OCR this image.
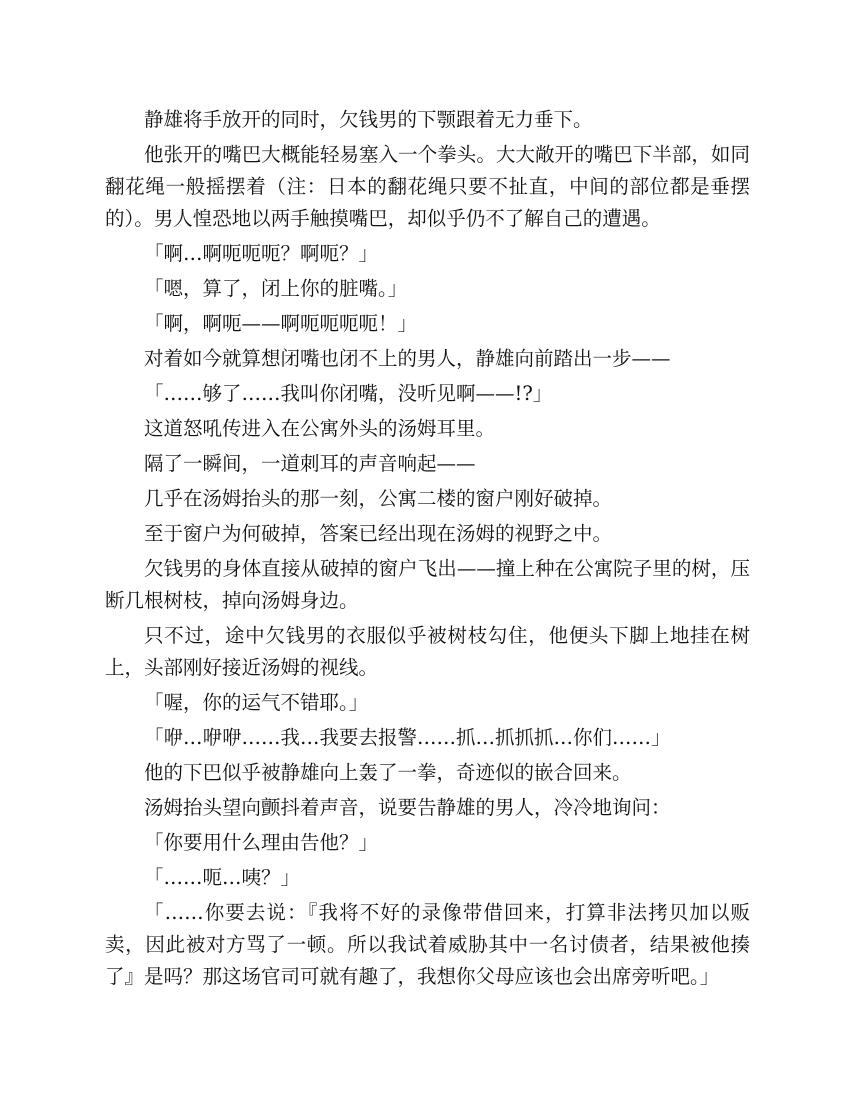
静雄将手放开的同时，欠钱男的下颚跟着无力垂下。

他张开的嘴巴大概能轻易塞入一个拳头。大大敞开的嘴巴下半部，如同翻花绳一般摇摆着（注：日本的翻花绳只要不扯直，中间的部位都是垂摆的）。男人惶恐地以两手触摸嘴巴，却似乎仍不了解自己的遭遇。

「啊…啊呃呃呃？啊呃？」

「嗯，算了，闭上你的脏嘴。」

「啊，啊呃——啊呃呃呃呃！」

对着如今就算想闭嘴也闭不上的男人，静雄向前踏出一步——

「……够了……我叫你闭嘴，没听见啊——!?」

这道怒吼传进入在公寓外头的汤姆耳里。

隔了一瞬间，一道刺耳的声音响起——

几乎在汤姆抬头的那一刻，公寓二楼的窗户刚好破掉。

至于窗户为何破掉，答案已经出现在汤姆的视野之中。

欠钱男的身体直接从破掉的窗户飞出——撞上种在公寓院子里的树，压断几根树枝，掉向汤姆身边。

只不过，途中欠钱男的衣服似乎被树枝勾住，他便头下脚上地挂在树上，头部刚好接近汤姆的视线。

「喔，你的运气不错耶。」

「咿…咿咿……我…我要去报警……抓…抓抓抓…你们……」

他的下巴似乎被静雄向上轰了一拳，奇迹似的嵌合回来。

汤姆抬头望向颤抖着声音，说要告静雄的男人，冷冷地询问：

「你要用什么理由告他？」

「……呃…咦？」

「……你要去说：『我将不好的录像带借回来，打算非法拷贝加以贩卖，因此被对方骂了一顿。所以我试着威胁其中一名讨债者，结果被他揍了』是吗？那这场官司可就有趣了，我想你父母应该也会出席旁听吧。」
